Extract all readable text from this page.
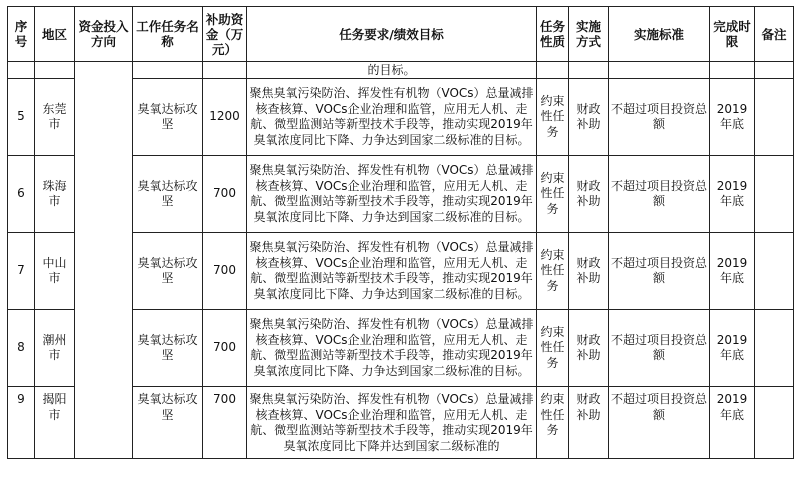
序号	地区	资金投入方向	工作任务名称	补助资金（万元）	任务要求/绩效目标	任务性质	实施方式	实施标准	完成时限	备注
					的目标。					
5	东莞市		臭氧达标攻坚	1200	聚焦臭氧污染防治、挥发性有机物（VOCs）总量减排核查核算、VOCs企业治理和监管，应用无人机、走航、微型监测站等新型技术手段等，推动实现2019年臭氧浓度同比下降、力争达到国家二级标准的目标。	约束性任务	财政补助	不超过项目投资总额	2019年底	
6	珠海市		臭氧达标攻坚	700	聚焦臭氧污染防治、挥发性有机物（VOCs）总量减排核查核算、VOCs企业治理和监管，应用无人机、走航、微型监测站等新型技术手段等，推动实现2019年臭氧浓度同比下降、力争达到国家二级标准的目标。	约束性任务	财政补助	不超过项目投资总额	2019年底	
7	中山市		臭氧达标攻坚	700	聚焦臭氧污染防治、挥发性有机物（VOCs）总量减排核查核算、VOCs企业治理和监管，应用无人机、走航、微型监测站等新型技术手段等，推动实现2019年臭氧浓度同比下降、力争达到国家二级标准的目标。	约束性任务	财政补助	不超过项目投资总额	2019年底	
8	潮州市		臭氧达标攻坚	700	聚焦臭氧污染防治、挥发性有机物（VOCs）总量减排核查核算、VOCs企业治理和监管，应用无人机、走航、微型监测站等新型技术手段等，推动实现2019年臭氧浓度同比下降、力争达到国家二级标准的目标。	约束性任务	财政补助	不超过项目投资总额	2019年底	
9	揭阳市		臭氧达标攻坚	700	聚焦臭氧污染防治、挥发性有机物（VOCs）总量减排核查核算、VOCs企业治理和监管，应用无人机、走航、微型监测站等新型技术手段等，推动实现2019年臭氧浓度同比下降并达到国家二级标准的	约束性任务	财政补助	不超过项目投资总额	2019年底	
